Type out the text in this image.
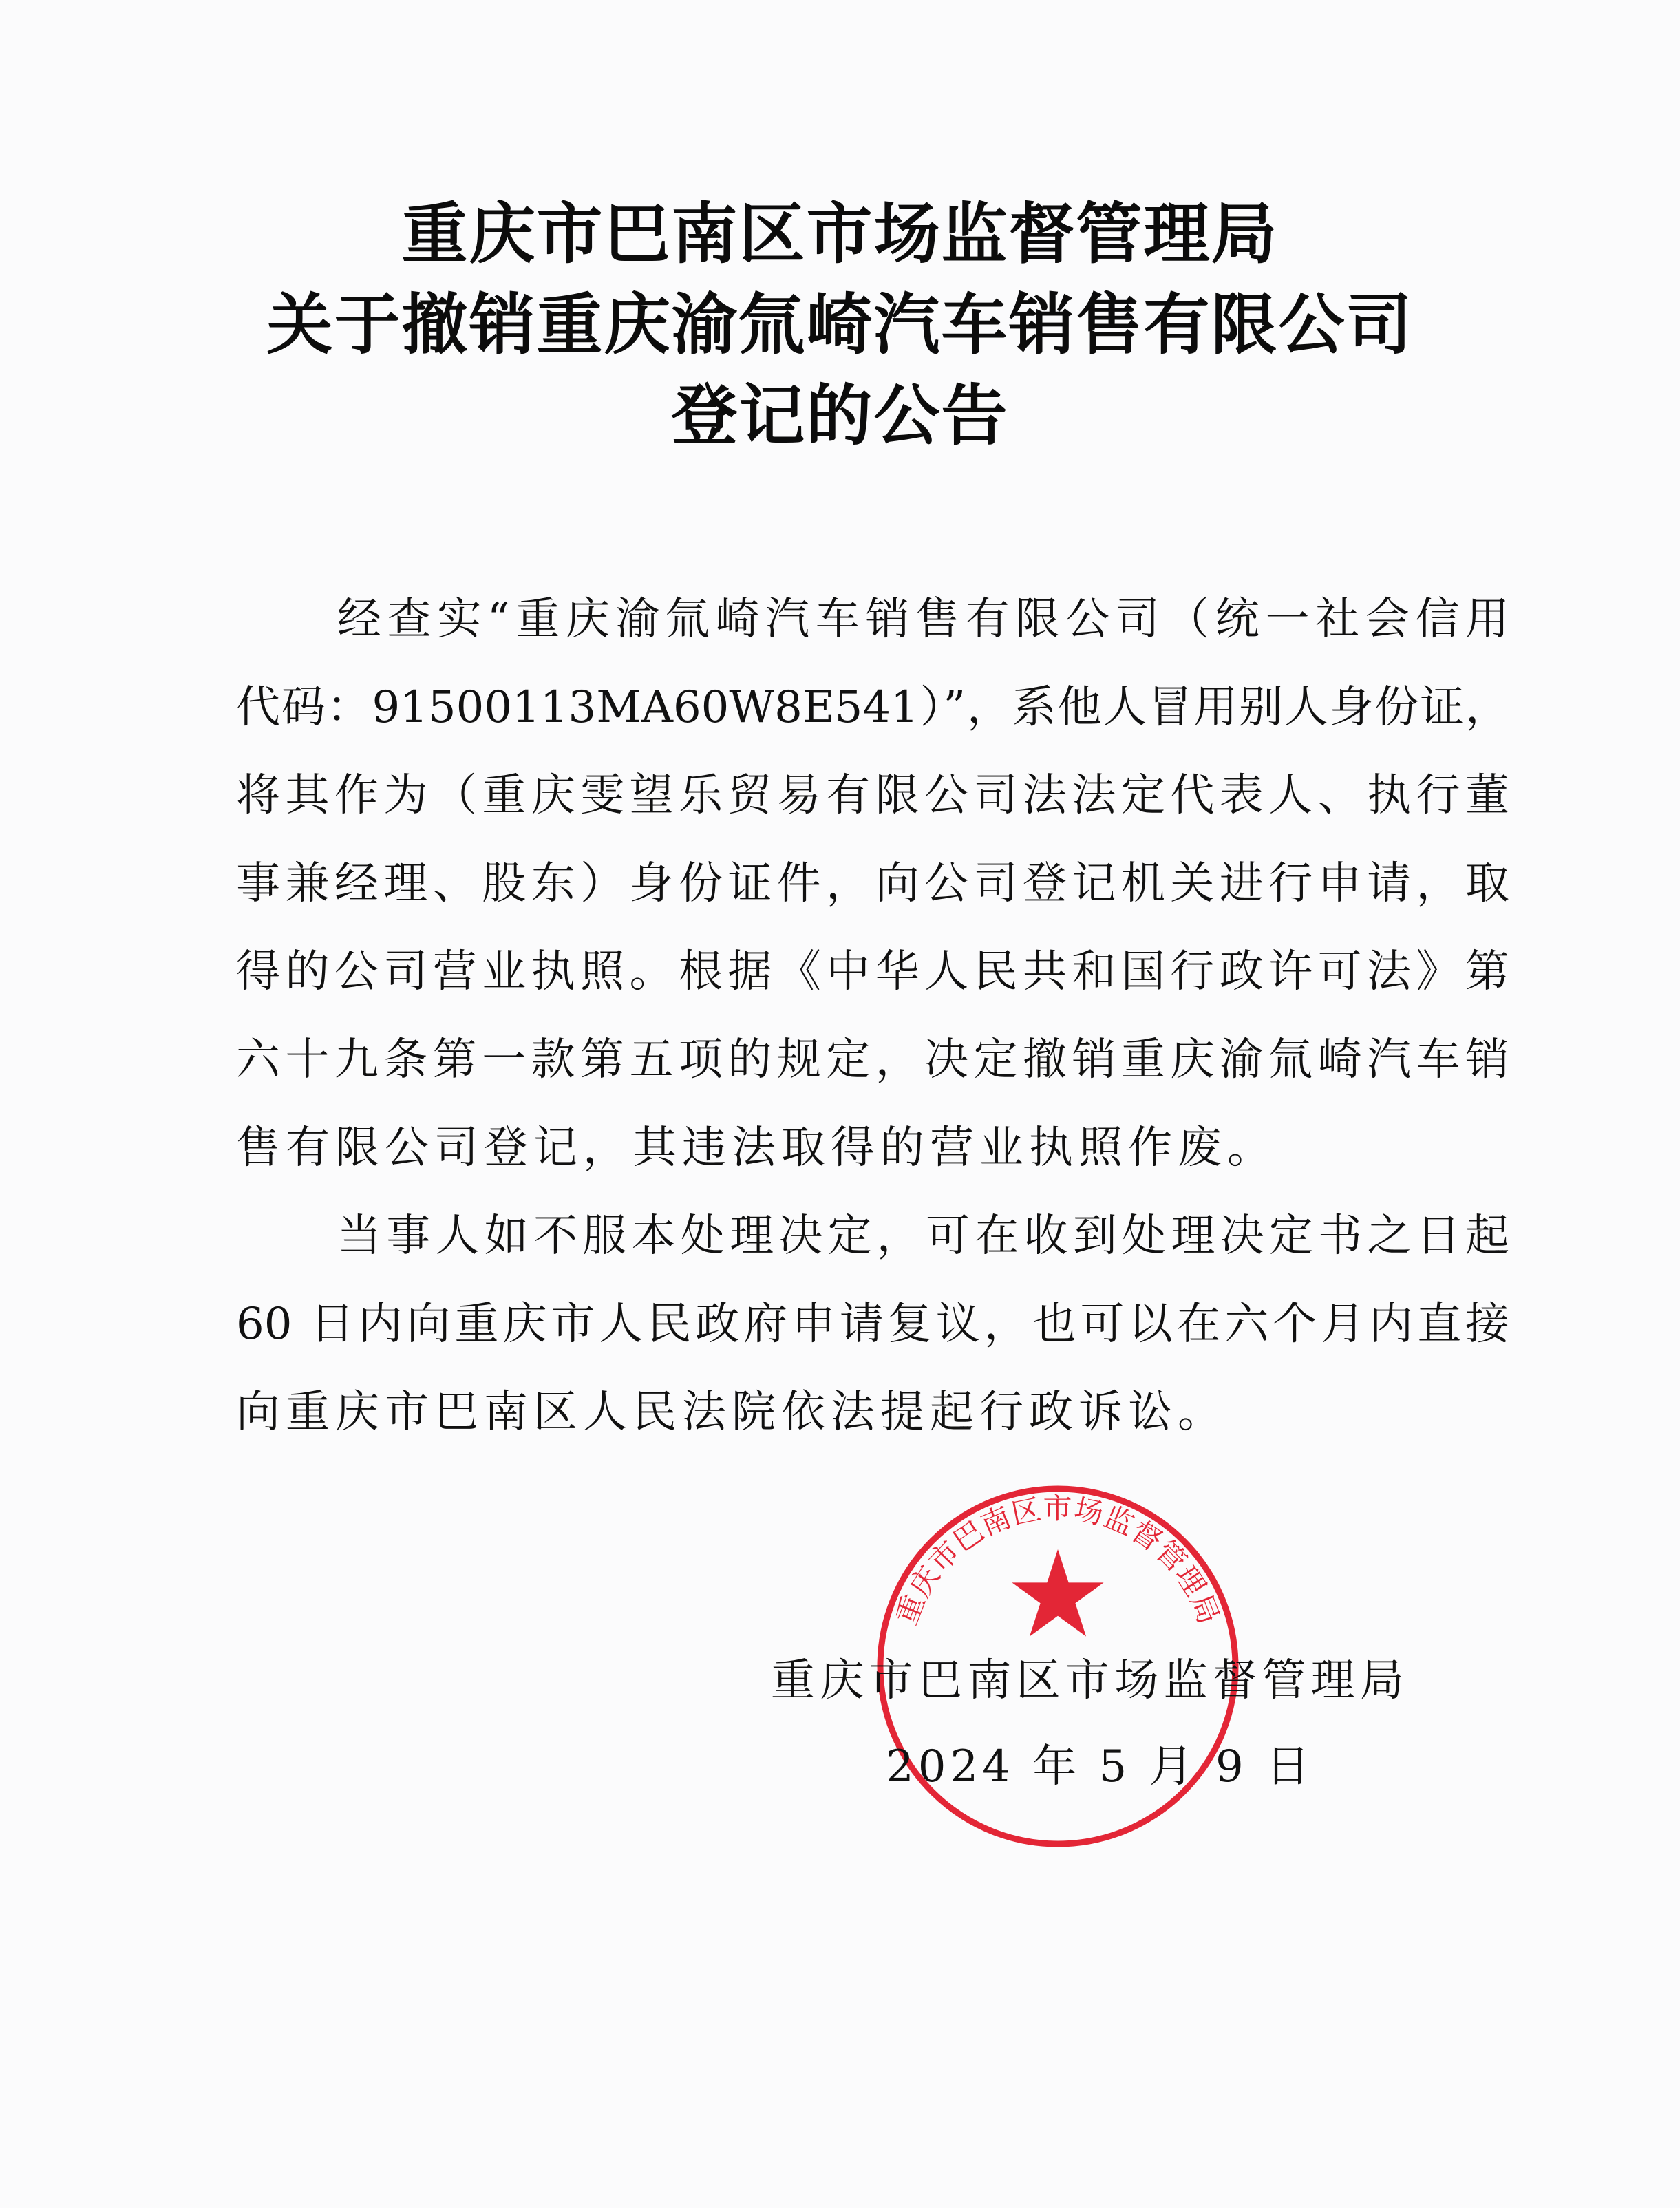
重庆市巴南区市场监督管理局
重庆市巴南区市场监督管理局
关于撤销重庆渝氚崎汽车销售有限公司
登记的公告
经查实“重庆渝氚崎汽车销售有限公司（统一社会信用
代码：91500113MA60W8E541）”，系他人冒用别人身份证，
将其作为（重庆雯望乐贸易有限公司法法定代表人、执行董
事兼经理、股东）身份证件，向公司登记机关进行申请，取
得的公司营业执照。根据《中华人民共和国行政许可法》第
六十九条第一款第五项的规定，决定撤销重庆渝氚崎汽车销
售有限公司登记，其违法取得的营业执照作废。
当事人如不服本处理决定，可在收到处理决定书之日起
60 日内向重庆市人民政府申请复议，也可以在六个月内直接
向重庆市巴南区人民法院依法提起行政诉讼。
重庆市巴南区市场监督管理局
2024 年 5 月 9 日
